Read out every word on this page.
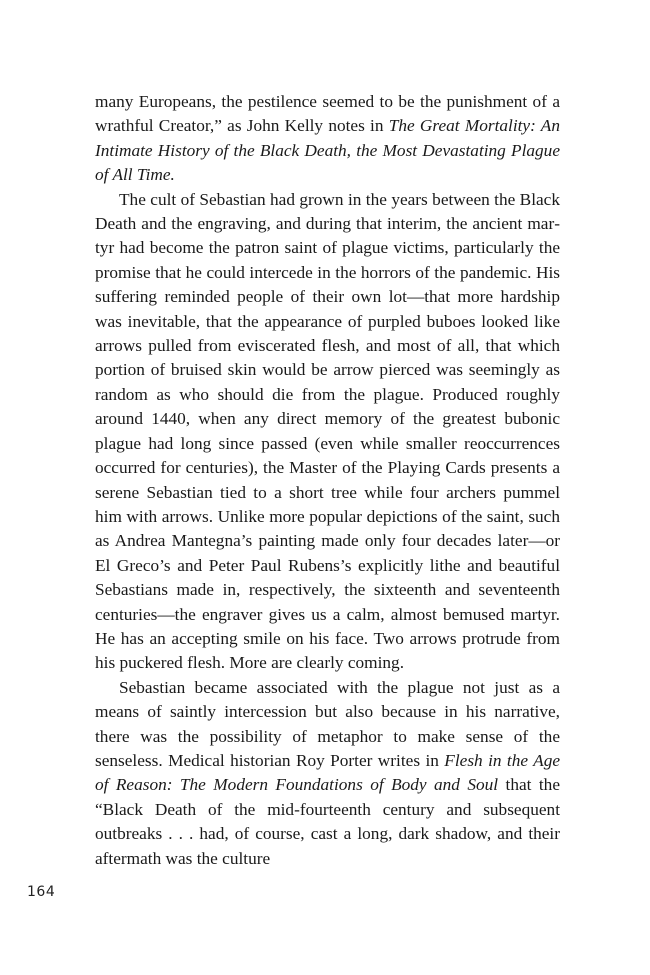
many Europeans, the pestilence seemed to be the punishment of a wrathful Creator,” as John Kelly notes in The Great Mortality: An Intimate History of the Black Death, the Most Devastating Plague of All Time.

The cult of Sebastian had grown in the years between the Black Death and the engraving, and during that interim, the ancient martyr had become the patron saint of plague victims, particularly the promise that he could intercede in the horrors of the pandemic. His suffering reminded people of their own lot—that more hardship was inevitable, that the appearance of purpled buboes looked like arrows pulled from eviscerated flesh, and most of all, that which portion of bruised skin would be arrow pierced was seemingly as random as who should die from the plague. Produced roughly around 1440, when any direct memory of the greatest bubonic plague had long since passed (even while smaller reoccurrences occurred for centuries), the Master of the Playing Cards presents a serene Sebastian tied to a short tree while four archers pummel him with arrows. Unlike more popular depictions of the saint, such as Andrea Mantegna’s painting made only four decades later—or El Greco’s and Peter Paul Rubens’s explicitly lithe and beautiful Sebastians made in, respectively, the sixteenth and seventeenth centuries—the engraver gives us a calm, almost bemused martyr. He has an accepting smile on his face. Two arrows protrude from his puckered flesh. More are clearly coming.

Sebastian became associated with the plague not just as a means of saintly intercession but also because in his narrative, there was the possibility of metaphor to make sense of the senseless. Medical historian Roy Porter writes in Flesh in the Age of Reason: The Modern Foundations of Body and Soul that the “Black Death of the mid-fourteenth century and subsequent outbreaks . . . had, of course, cast a long, dark shadow, and their aftermath was the culture

164
